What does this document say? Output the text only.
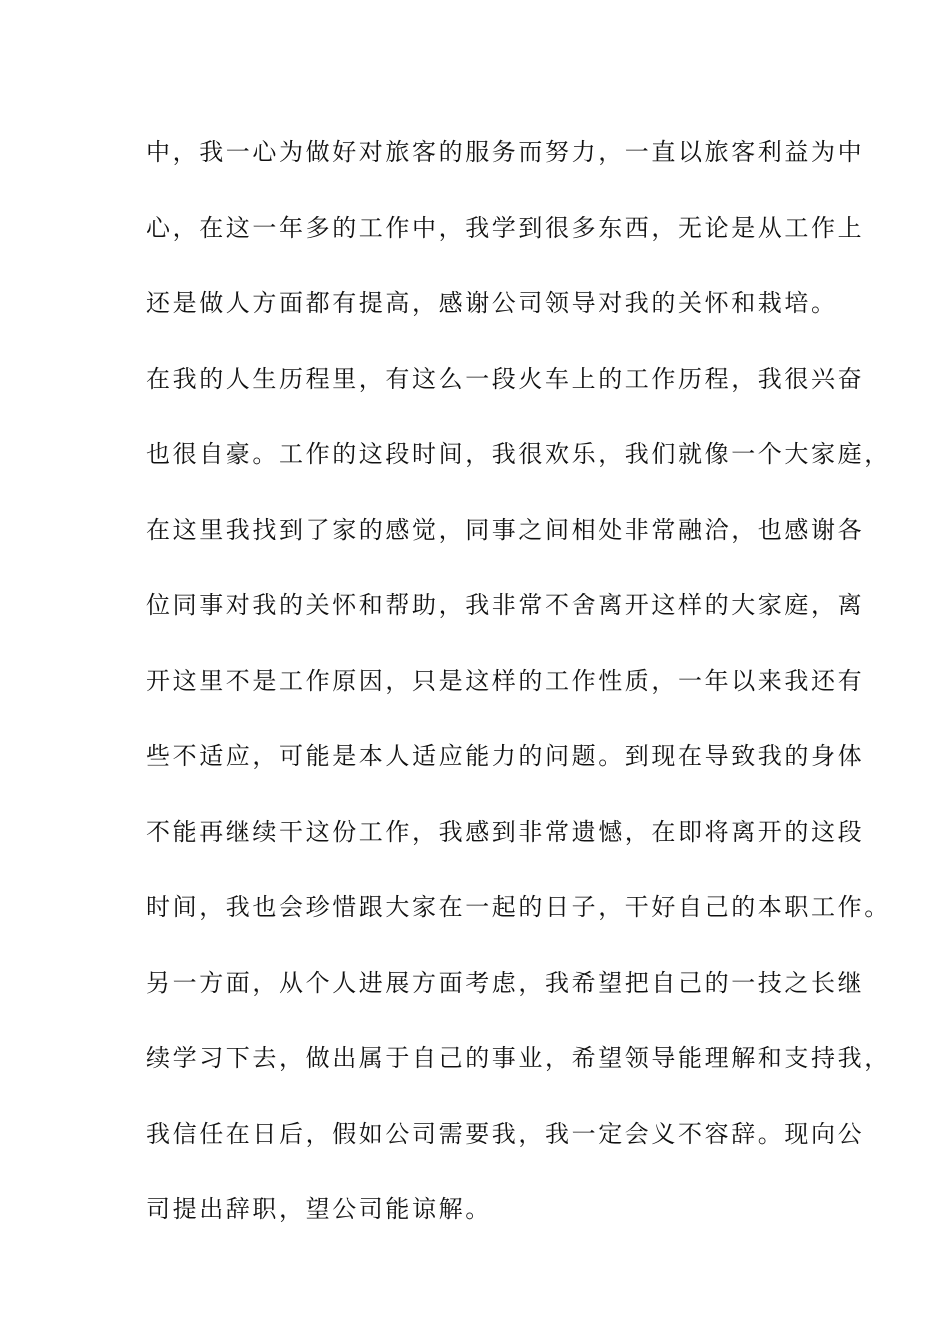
中，我一心为做好对旅客的服务而努力，一直以旅客利益为中
心，在这一年多的工作中，我学到很多东西，无论是从工作上
还是做人方面都有提高，感谢公司领导对我的关怀和栽培。
在我的人生历程里，有这么一段火车上的工作历程，我很兴奋
也很自豪。工作的这段时间，我很欢乐，我们就像一个大家庭，
在这里我找到了家的感觉，同事之间相处非常融洽，也感谢各
位同事对我的关怀和帮助，我非常不舍离开这样的大家庭，离
开这里不是工作原因，只是这样的工作性质，一年以来我还有
些不适应，可能是本人适应能力的问题。到现在导致我的身体
不能再继续干这份工作，我感到非常遗憾，在即将离开的这段
时间，我也会珍惜跟大家在一起的日子，干好自己的本职工作。
另一方面，从个人进展方面考虑，我希望把自己的一技之长继
续学习下去，做出属于自己的事业，希望领导能理解和支持我，
我信任在日后，假如公司需要我，我一定会义不容辞。现向公
司提出辞职，望公司能谅解。
